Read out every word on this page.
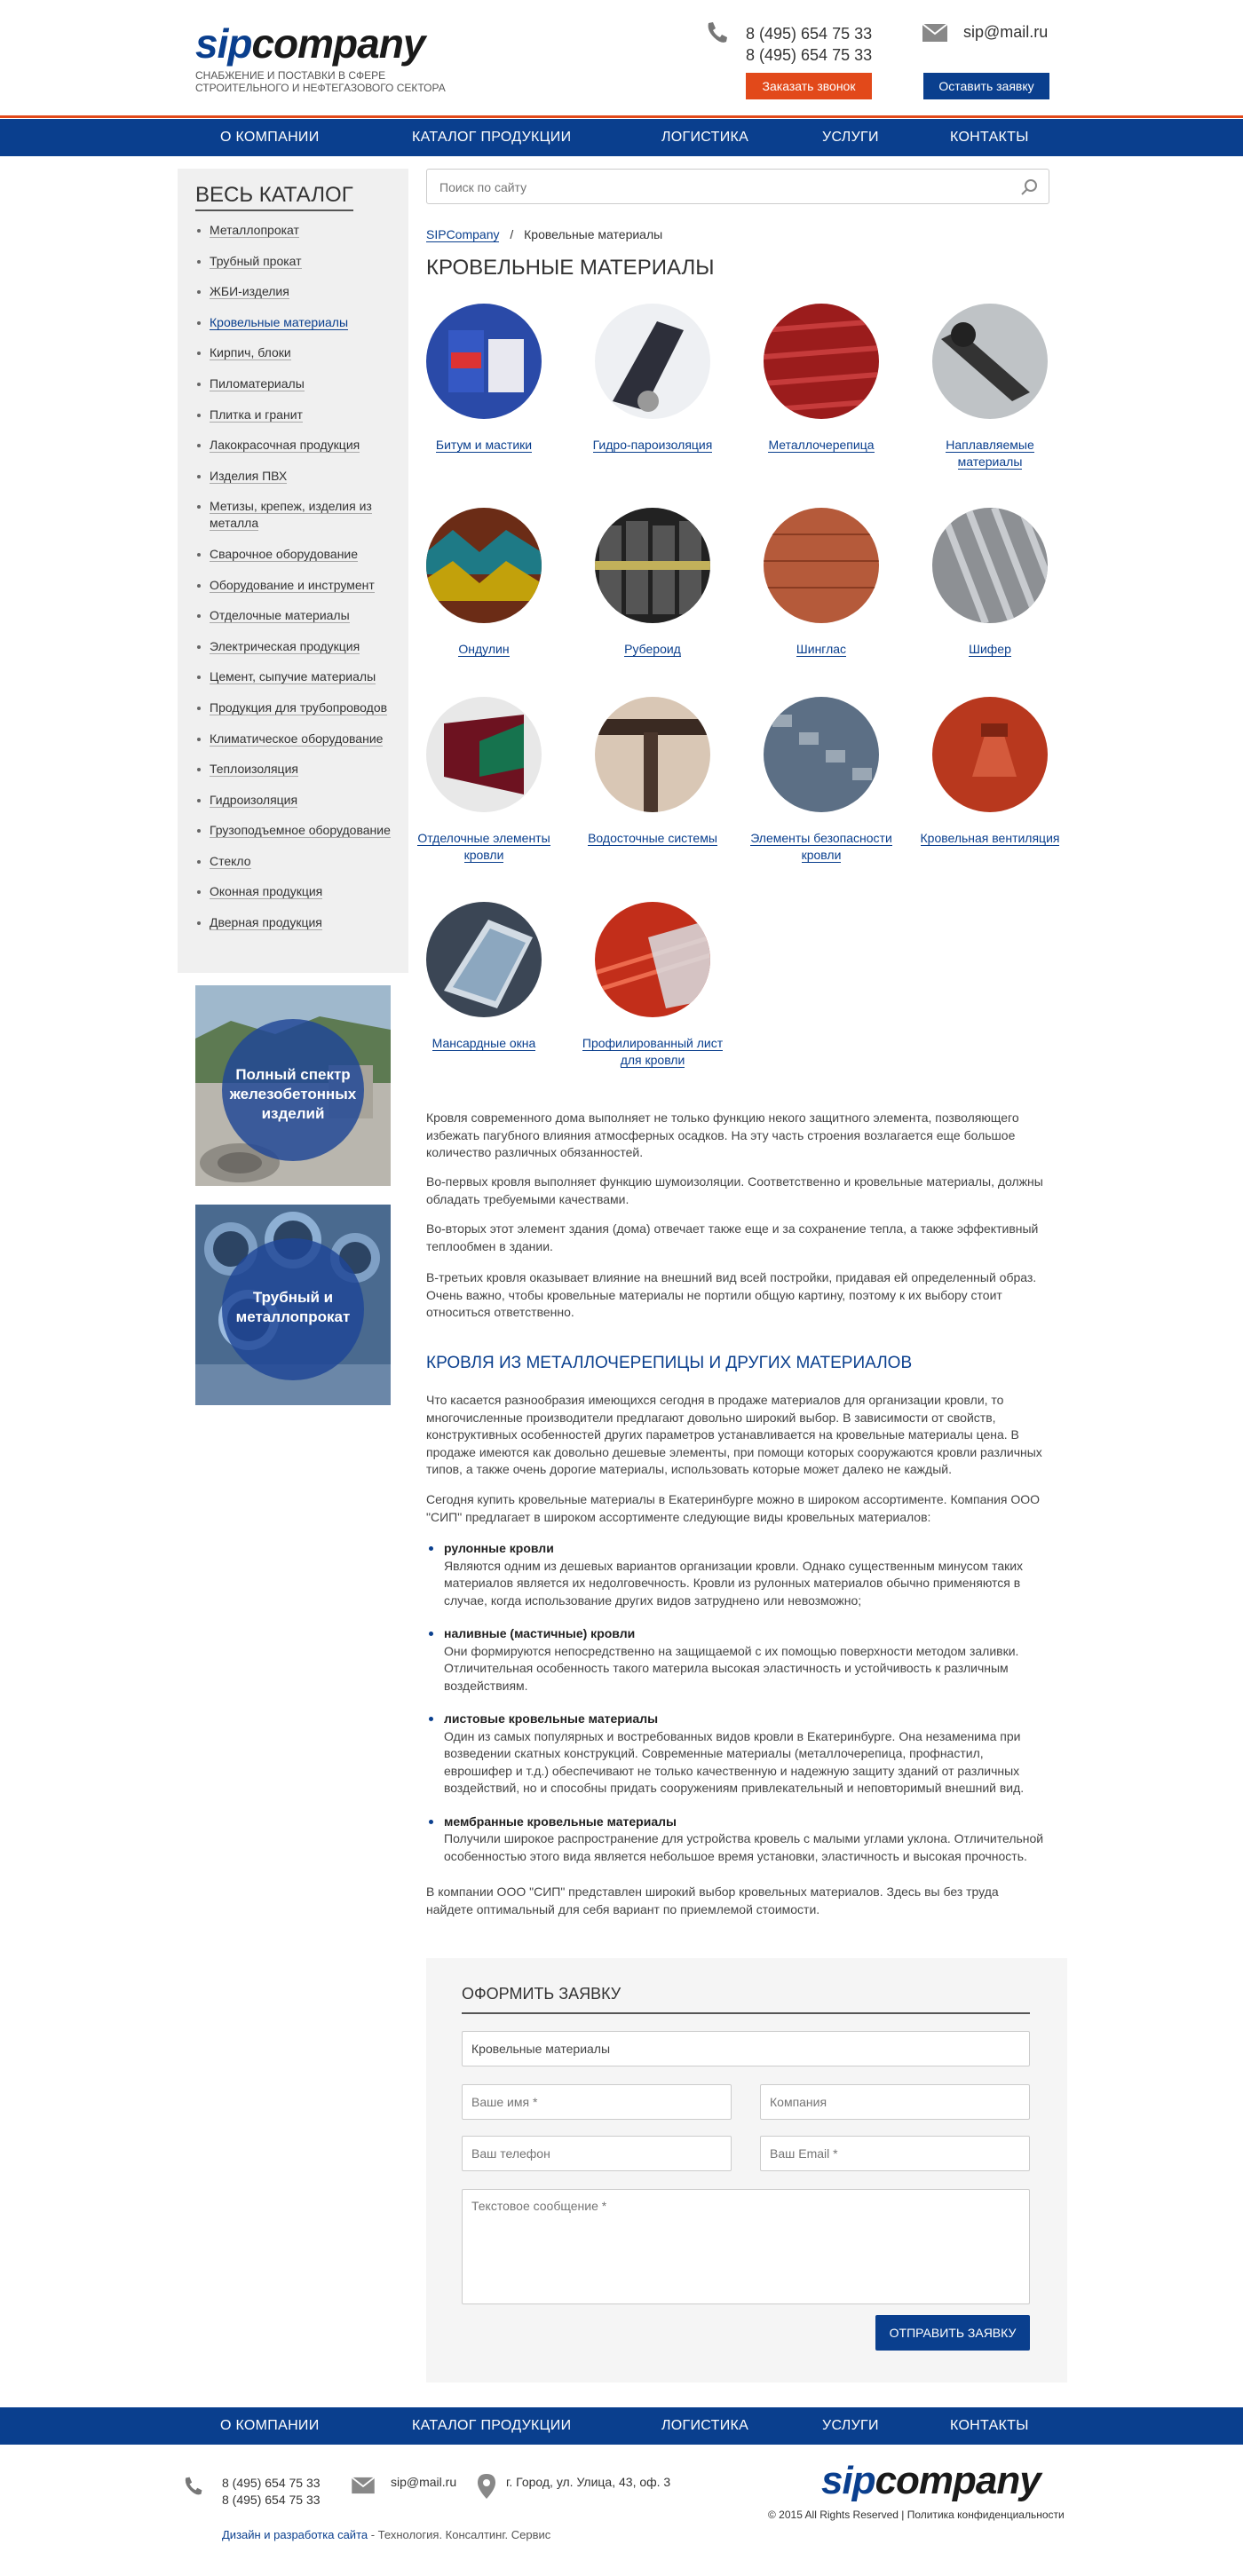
sipcompany
СНАБЖЕНИЕ И ПОСТАВКИ В СФЕРЕ СТРОИТЕЛЬНОГО И НЕФТЕГАЗОВОГО СЕКТОРА
8 (495) 654 75 33
8 (495) 654 75 33
sip@mail.ru
Заказать звонок	Оставить заявку
О КОМПАНИИ	КАТАЛОГ ПРОДУКЦИИ	ЛОГИСТИКА	УСЛУГИ	КОНТАКТЫ
ВЕСЬ КАТАЛОГ
Металлопрокат
Трубный прокат
ЖБИ-изделия
Кровельные материалы
Кирпич, блоки
Пиломатериалы
Плитка и гранит
Лакокрасочная продукция
Изделия ПВХ
Метизы, крепеж, изделия из металла
Сварочное оборудование
Оборудование и инструмент
Отделочные материалы
Электрическая продукция
Цемент, сыпучие материалы
Продукция для трубопроводов
Климатическое оборудование
Теплоизоляция
Гидроизоляция
Грузоподъемное оборудование
Стекло
Оконная продукция
Дверная продукция
Полный спектр железобетонных изделий
Трубный и металлопрокат
Поиск по сайту
SIPCompany / Кровельные материалы
КРОВЕЛЬНЫЕ МАТЕРИАЛЫ
Битум и мастики	Гидро-пароизоляция	Металлочерепица	Наплавляемые материалы
Ондулин	Рубероид	Шинглас	Шифер
Отделочные элементы кровли
Водосточные системы	Элементы безопасности кровли
Кровельная вентиляция
Мансардные окна	Профилированный лист для кровли
Кровля современного дома выполняет не только функцию некого защитного элемента, позволяющего избежать пагубного влияния атмосферных осадков. На эту часть строения возлагается еще большое количество различных обязанностей.
Во-первых кровля выполняет функцию шумоизоляции. Соответственно и кровельные материалы, должны обладать требуемыми качествами.
Во-вторых этот элемент здания (дома) отвечает также еще и за сохранение тепла, а также эффективный теплообмен в здании.
В-третьих кровля оказывает влияние на внешний вид всей постройки, придавая ей определенный образ. Очень важно, чтобы кровельные материалы не портили общую картину, поэтому к их выбору стоит относиться ответственно.
КРОВЛЯ ИЗ МЕТАЛЛОЧЕРЕПИЦЫ И ДРУГИХ МАТЕРИАЛОВ
Что касается разнообразия имеющихся сегодня в продаже материалов для организации кровли, то многочисленные производители предлагают довольно широкий выбор. В зависимости от свойств, конструктивных особенностей других параметров устанавливается на кровельные материалы цена. В продаже имеются как довольно дешевые элементы, при помощи которых сооружаются кровли различных типов, а также очень дорогие материалы, использовать которые может далеко не каждый.
Сегодня купить кровельные материалы в Екатеринбурге можно в широком ассортименте. Компания ООО "СИП" предлагает в широком ассортименте следующие виды кровельных материалов:
рулонные кровли
Являются одним из дешевых вариантов организации кровли. Однако существенным минусом таких материалов является их недолговечность. Кровли из рулонных материалов обычно применяются в случае, когда использование других видов затруднено или невозможно;
наливные (мастичные) кровли
Они формируются непосредственно на защищаемой с их помощью поверхности методом заливки. Отличительная особенность такого материла высокая эластичность и устойчивость к различным воздействиям.
листовые кровельные материалы
Один из самых популярных и востребованных видов кровли в Екатеринбурге. Она незаменима при возведении скатных конструкций. Современные материалы (металлочерепица, профнастил, еврошифер и т.д.) обеспечивают не только качественную и надежную защиту зданий от различных воздействий, но и способны придать сооружениям привлекательный и неповторимый внешний вид.
мембранные кровельные материалы
Получили широкое распространение для устройства кровель с малыми углами уклона. Отличительной особенностью этого вида является небольшое время установки, эластичность и высокая прочность.
В компании ООО "СИП" представлен широкий выбор кровельных материалов. Здесь вы без труда найдете оптимальный для себя вариант по приемлемой стоимости.
ОФОРМИТЬ ЗАЯВКУ
Кровельные материалы
Ваше имя *
Компания
Ваш телефон
Ваш Email *
Текстовое сообщение *
ОТПРАВИТЬ ЗАЯВКУ
О КОМПАНИИ	КАТАЛОГ ПРОДУКЦИИ	ЛОГИСТИКА	УСЛУГИ	КОНТАКТЫ
8 (495) 654 75 33
8 (495) 654 75 33
sip@mail.ru	г. Город, ул. Улица, 43, оф. 3	sipcompany
© 2015 All Rights Reserved | Политика конфиденциальности
Дизайн и разработка сайта - Технология. Консалтинг. Сервис
